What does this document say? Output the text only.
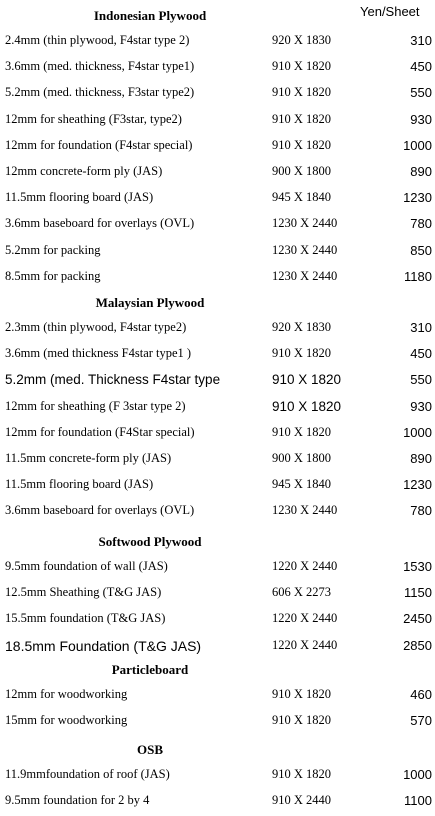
Yen/Sheet
Indonesian Plywood
2.4mm (thin plywood, F4star type 2)	920 X 1830	310
3.6mm (med. thickness, F4star type1)	910 X 1820	450
5.2mm (med. thickness, F3star type2)	910 X 1820	550
12mm for sheathing (F3star, type2)	910 X 1820	930
12mm for foundation (F4star special)	910 X 1820	1000
12mm concrete-form ply (JAS)	900 X 1800	890
11.5mm flooring board (JAS)	945 X 1840	1230
3.6mm baseboard for overlays (OVL)	1230 X 2440	780
5.2mm for packing	1230 X 2440	850
8.5mm for packing	1230 X 2440	1180
Malaysian Plywood
2.3mm (thin plywood, F4star type2)	920 X 1830	310
3.6mm (med thickness F4star type1 )	910 X 1820	450
5.2mm (med. Thickness F4star type	910 X 1820	550
12mm for sheathing (F 3star type 2)	910 X 1820	930
12mm for foundation (F4Star special)	910 X 1820	1000
11.5mm concrete-form ply (JAS)	900 X 1800	890
11.5mm flooring board (JAS)	945 X 1840	1230
3.6mm baseboard for overlays (OVL)	1230 X 2440	780
Softwood Plywood
9.5mm foundation of wall (JAS)	1220 X 2440	1530
12.5mm Sheathing (T&G JAS)	606 X 2273	1150
15.5mm foundation (T&G JAS)	1220 X 2440	2450
18.5mm Foundation (T&G JAS)	1220 X 2440	2850
Particleboard
12mm for woodworking	910 X 1820	460
15mm for woodworking	910 X 1820	570
OSB
11.9mmfoundation of roof (JAS)	910 X 1820	1000
9.5mm foundation for 2 by 4	910 X 2440	1100
